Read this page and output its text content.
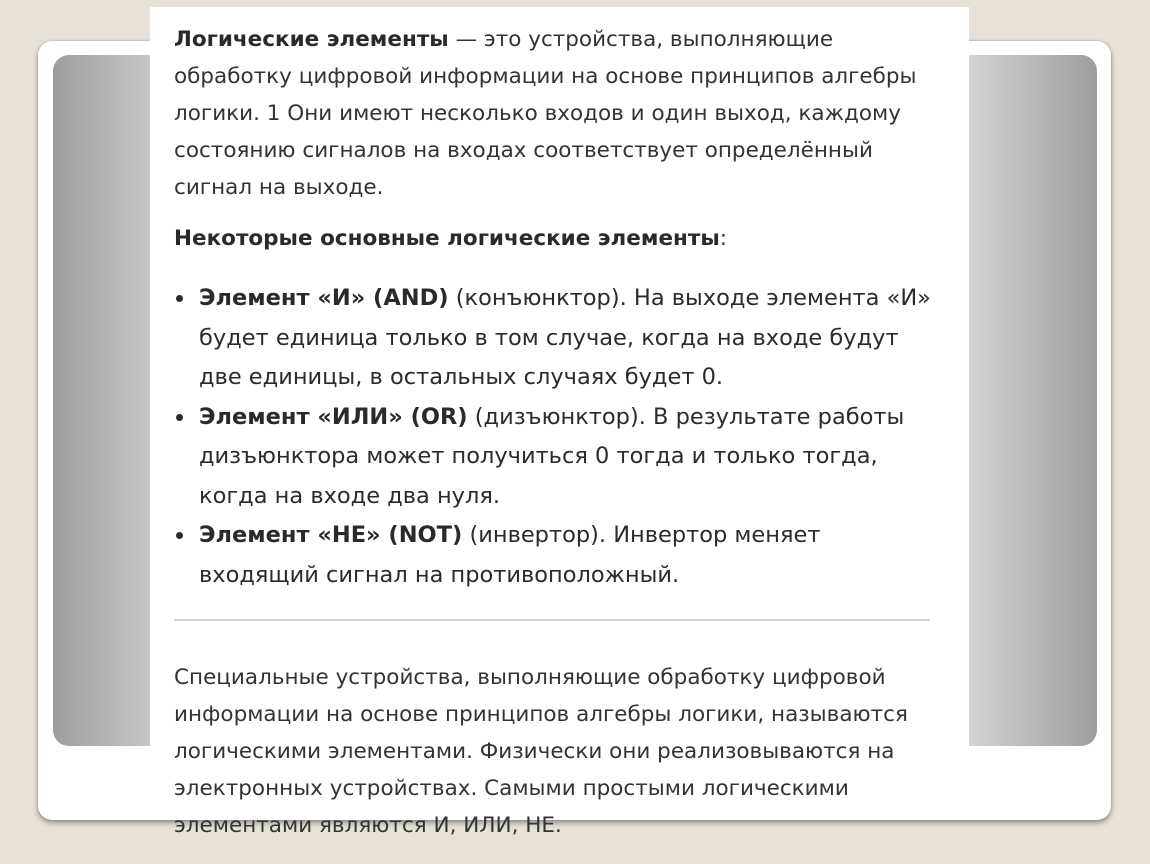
Логические элементы — это устройства, выполняющие обработку цифровой информации на основе принципов алгебры логики. 1 Они имеют несколько входов и один выход, каждому состоянию сигналов на входах соответствует определённый сигнал на выходе.

Некоторые основные логические элементы:

Элемент «И» (AND) (конъюнктор). На выходе элемента «И» будет единица только в том случае, когда на входе будут две единицы, в остальных случаях будет 0.
Элемент «ИЛИ» (OR) (дизъюнктор). В результате работы дизъюнктора может получиться 0 тогда и только тогда, когда на входе два нуля.
Элемент «НЕ» (NOT) (инвертор). Инвертор меняет входящий сигнал на противоположный.

Специальные устройства, выполняющие обработку цифровой информации на основе принципов алгебры логики, называются логическими элементами. Физически они реализовываются на электронных устройствах. Самыми простыми логическими элементами являются И, ИЛИ, НЕ.
